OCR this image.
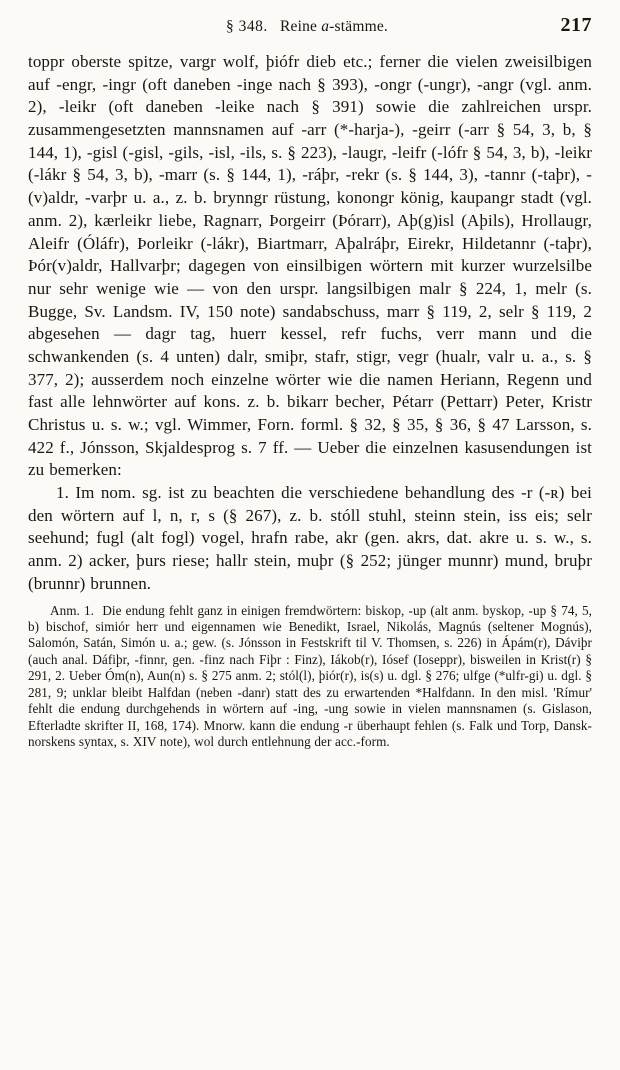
§ 348. Reine a-stämme.	217

toppr oberste spitze, vargr wolf, þiófr dieb etc.; ferner die vielen zweisilbigen auf -engr, -ingr (oft daneben -inge nach § 393), -ongr (-ungr), -angr (vgl. anm. 2), -leikr (oft daneben -leike nach § 391) sowie die zahlreichen urspr. zusammengesetzten mannsnamen auf -arr (*-harja-), -geirr (-arr § 54, 3, b, § 144, 1), -gisl (-gisl, -gils, -isl, -ils, s. § 223), -laugr, -leifr (-lófr § 54, 3, b), -leikr (-lákr § 54, 3, b), -marr (s. § 144, 1), -ráþr, -rekr (s. § 144, 3), -tannr (-taþr), -(v)aldr, -varþr u. a., z. b. brynngr rüstung, konongr könig, kaupangr stadt (vgl. anm. 2), kærleikr liebe, Ragnarr, Þorgeirr (Þórarr), Aþ(g)isl (Aþils), Hrollaugr, Aleifr (Óláfr), Þorleikr (-lákr), Biartmarr, Aþalráþr, Eirekr, Hildetannr (-taþr), Þór(v)aldr, Hallvarþr; dagegen von einsilbigen wörtern mit kurzer wurzelsilbe nur sehr wenige wie — von den urspr. langsilbigen malr § 224, 1, melr (s. Bugge, Sv. Landsm. IV, 150 note) sandabschuss, marr § 119, 2, selr § 119, 2 abgesehen — dagr tag, huerr kessel, refr fuchs, verr mann und die schwankenden (s. 4 unten) dalr, smiþr, stafr, stigr, vegr (hualr, valr u. a., s. § 377, 2); ausserdem noch einzelne wörter wie die namen Heriann, Regenn und fast alle lehnwörter auf kons. z. b. bikarr becher, Pétarr (Pettarr) Peter, Kristr Christus u. s. w.; vgl. Wimmer, Forn. forml. § 32, § 35, § 36, § 47 Larsson, s. 422 f., Jónsson, Skjaldesprog s. 7 ff. — Ueber die einzelnen kasusendungen ist zu bemerken:

1. Im nom. sg. ist zu beachten die verschiedene behandlung des -r (-ʀ) bei den wörtern auf l, n, r, s (§ 267), z. b. stóll stuhl, steinn stein, iss eis; selr seehund; fugl (alt fogl) vogel, hrafn rabe, akr (gen. akrs, dat. akre u. s. w., s. anm. 2) acker, þurs riese; hallr stein, muþr (§ 252; jünger munnr) mund, bruþr (brunnr) brunnen.

Anm. 1. Die endung fehlt ganz in einigen fremdwörtern: biskop, -up (alt anm. byskop, -up § 74, 5, b) bischof, simiór herr und eigennamen wie Benedikt, Israel, Nikolás, Magnús (seltener Mognús), Salomón, Satán, Simón u. a.; gew. (s. Jónsson in Festskrift til V. Thomsen, s. 226) in Ápám(r), Dáviþr (auch anal. Dáfiþr, -finnr, gen. -finz nach Fiþr : Finz), Iákob(r), Iósef (Ioseppr), bisweilen in Krist(r) § 291, 2. Ueber Óm(n), Aun(n) s. § 275 anm. 2; stól(l), þiór(r), is(s) u. dgl. § 276; ulfge (*ulfr-gi) u. dgl. § 281, 9; unklar bleibt Halfdan (neben -danr) statt des zu erwartenden *Halfdann. In den misl. 'Rímur' fehlt die endung durchgehends in wörtern auf -ing, -ung sowie in vielen mannsnamen (s. Gislason, Efterladte skrifter II, 168, 174). Mnorw. kann die endung -r überhaupt fehlen (s. Falk und Torp, Dansk-norskens syntax, s. XIV note), wol durch entlehnung der acc.-form.
